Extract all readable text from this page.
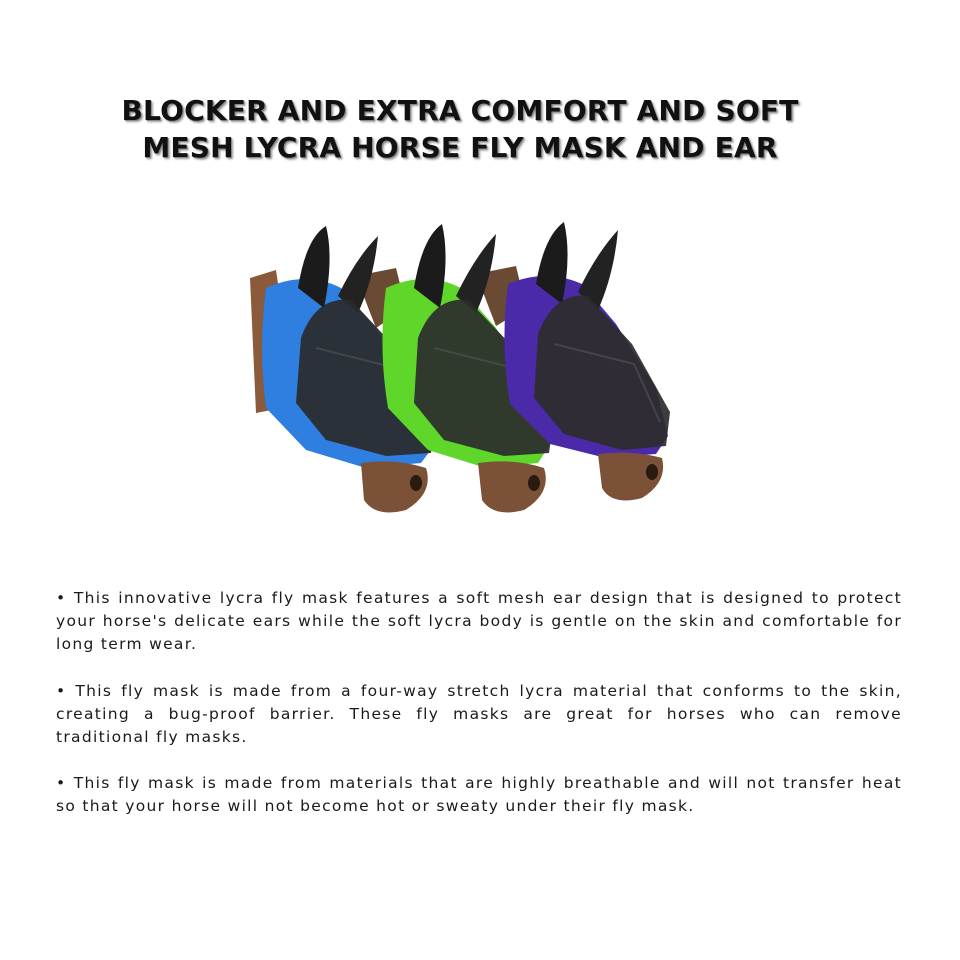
BLOCKER AND EXTRA COMFORT AND SOFT
MESH LYCRA HORSE FLY MASK AND EAR

• This innovative lycra fly mask features a soft mesh ear design that is designed to protect your horse's delicate ears while the soft lycra body is gentle on the skin and comfortable for long term wear.

• This fly mask is made from a four-way stretch lycra material that conforms to the skin, creating a bug-proof barrier. These fly masks are great for horses who can remove traditional fly masks.

• This fly mask is made from materials that are highly breathable and will not transfer heat so that your horse will not become hot or sweaty under their fly mask.
